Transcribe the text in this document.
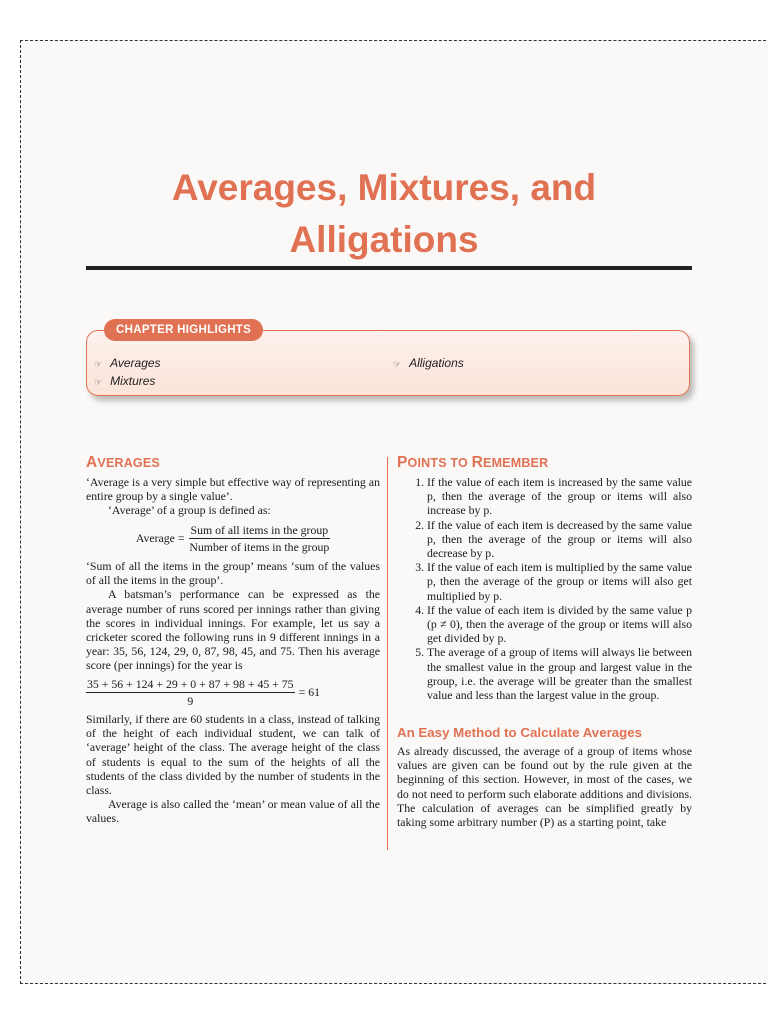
Averages, Mixtures, and
Alligations
CHAPTER HIGHLIGHTS
☞ Averages
☞ Mixtures
☞ Alligations
AVERAGES

‘Average is a very simple but effective way of representing an entire group by a single value’.

‘Average’ of a group is defined as:

Average = $\frac{\text{Sum of all items in the group}}{\text{Number of items in the group}}$

‘Sum of all the items in the group’ means ‘sum of the values of all the items in the group’.

A batsman’s performance can be expressed as the average number of runs scored per innings rather than giving the scores in individual innings. For example, let us say a cricketer scored the following runs in 9 different innings in a year: 35, 56, 124, 29, 0, 87, 98, 45, and 75. Then his average score (per innings) for the year is

$\frac{35 + 56 + 124 + 29 + 0 + 87 + 98 + 45 + 75}{9} = 61$

Similarly, if there are 60 students in a class, instead of talking of the height of each individual student, we can talk of ‘average’ height of the class. The average height of the class of students is equal to the sum of the heights of all the students of the class divided by the number of students in the class.

Average is also called the ‘mean’ or mean value of all the values.

POINTS TO REMEMBER
1. If the value of each item is increased by the same value p, then the average of the group or items will also increase by p.
2. If the value of each item is decreased by the same value p, then the average of the group or items will also decrease by p.
3. If the value of each item is multiplied by the same value p, then the average of the group or items will also get multiplied by p.
4. If the value of each item is divided by the same value p (p ≠ 0), then the average of the group or items will also get divided by p.
5. The average of a group of items will always lie between the smallest value in the group and largest value in the group, i.e. the average will be greater than the smallest value and less than the largest value in the group.
An Easy Method to Calculate Averages

As already discussed, the average of a group of items whose values are given can be found out by the rule given at the beginning of this section. However, in most of the cases, we do not need to perform such elaborate additions and divisions. The calculation of averages can be simplified greatly by taking some arbitrary number (P) as a starting point, take
